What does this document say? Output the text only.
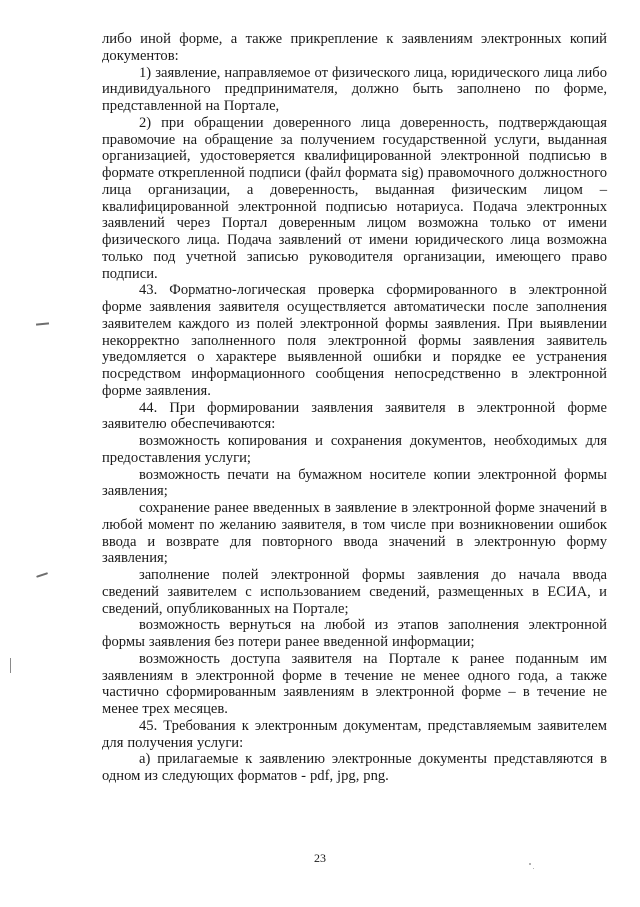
либо иной форме, а также прикрепление к заявлениям электронных копий документов:

1) заявление, направляемое от физического лица, юридического лица либо индивидуального предпринимателя, должно быть заполнено по форме, представленной на Портале,

2) при обращении доверенного лица доверенность, подтверждающая правомочие на обращение за получением государственной услуги, выданная организацией, удостоверяется квалифицированной электронной подписью в формате открепленной подписи (файл формата sig) правомочного должностного лица организации, а доверенность, выданная физическим лицом – квалифицированной электронной подписью нотариуса. Подача электронных заявлений через Портал доверенным лицом возможна только от имени физического лица. Подача заявлений от имени юридического лица возможна только под учетной записью руководителя организации, имеющего право подписи.

43. Форматно-логическая проверка сформированного в электронной форме заявления заявителя осуществляется автоматически после заполнения заявителем каждого из полей электронной формы заявления. При выявлении некорректно заполненного поля электронной формы заявления заявитель уведомляется о характере выявленной ошибки и порядке ее устранения посредством информационного сообщения непосредственно в электронной форме заявления.

44. При формировании заявления заявителя в электронной форме заявителю обеспечиваются:

возможность копирования и сохранения документов, необходимых для предоставления услуги;

возможность печати на бумажном носителе копии электронной формы заявления;

сохранение ранее введенных в заявление в электронной форме значений в любой момент по желанию заявителя, в том числе при возникновении ошибок ввода и возврате для повторного ввода значений в электронную форму заявления;

заполнение полей электронной формы заявления до начала ввода сведений заявителем с использованием сведений, размещенных в ЕСИА, и сведений, опубликованных на Портале;

возможность вернуться на любой из этапов заполнения электронной формы заявления без потери ранее введенной информации;

возможность доступа заявителя на Портале к ранее поданным им заявлениям в электронной форме в течение не менее одного года, а также частично сформированным заявлениям в электронной форме – в течение не менее трех месяцев.

45. Требования к электронным документам, представляемым заявителем для получения услуги:

а) прилагаемые к заявлению электронные документы представляются в одном из следующих форматов - pdf, jpg, png.

23
